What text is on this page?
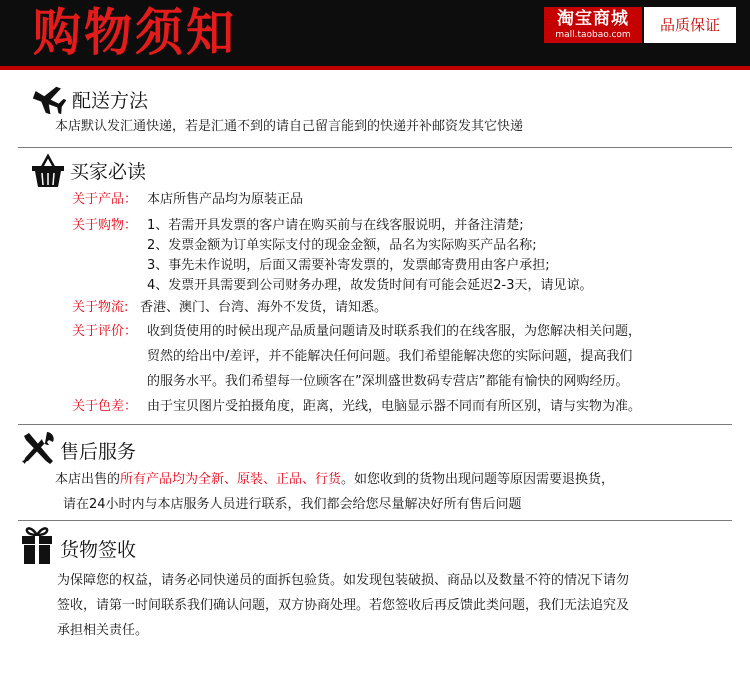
购物须知	淘宝商城
mall.taobao.com
品质保证
配送方法
本店默认发汇通快递，若是汇通不到的请自己留言能到的快递并补邮资发其它快递
买家必读
关于产品： 本店所售产品均为原装正品
关于购物： 1、若需开具发票的客户请在购买前与在线客服说明，并备注清楚;
2、发票金额为订单实际支付的现金金额，品名为实际购买产品名称;
3、事先未作说明，后面又需要补寄发票的，发票邮寄费用由客户承担;
4、发票开具需要到公司财务办理，故发货时间有可能会延迟2-3天，请见谅。
关于物流: 香港、澳门、台湾、海外不发货，请知悉。
关于评价： 收到货使用的时候出现产品质量问题请及时联系我们的在线客服，为您解决相关问题，
贸然的给出中/差评，并不能解决任何问题。我们希望能解决您的实际问题，提高我们
的服务水平。我们希望每一位顾客在”深圳盛世数码专营店”都能有愉快的网购经历。
关于色差： 由于宝贝图片受拍摄角度，距离，光线，电脑显示器不同而有所区别，请与实物为准。
售后服务
本店出售的所有产品均为全新、原装、正品、行货。如您收到的货物出现问题等原因需要退换货，
请在24小时内与本店服务人员进行联系，我们都会给您尽量解决好所有售后问题
货物签收
为保障您的权益，请务必同快递员的面拆包验货。如发现包装破损、商品以及数量不符的情况下请勿
签收，请第一时间联系我们确认问题，双方协商处理。若您签收后再反馈此类问题，我们无法追究及
承担相关责任。
